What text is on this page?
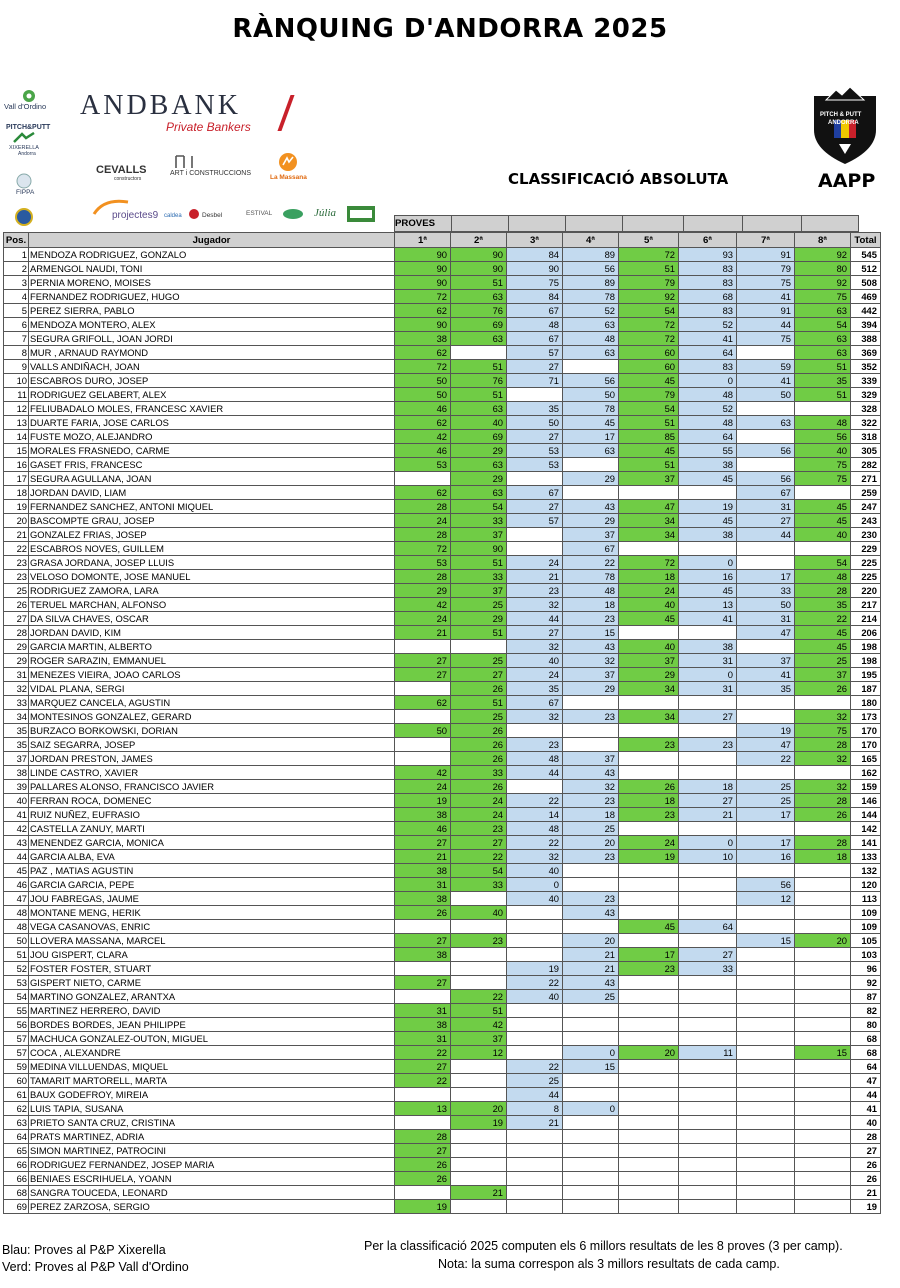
RÀNQUING D'ANDORRA 2025
Vall d'Ordino
PITCH&PUTT
XIXERELLA
Andorra
FIPPA
ANDBANK
Private Bankers
CEVALLS
constructors
ART i CONSTRUCCIONS
La Massana
projectes9 caldea	Desbel	ESTIVAL	Júlia
PITCH & PUTT
ANDORRA
AAPP
CLASSIFICACIÓ ABSOLUTA
PROVES							
Pos.	Jugador	1ª	2ª	3ª	4ª	5ª	6ª	7ª	8ª	Total
1	MENDOZA RODRIGUEZ, GONZALO	90	90	84	89	72	93	91	92	545
2	ARMENGOL NAUDI, TONI	90	90	90	56	51	83	79	80	512
3	PERNIA MORENO, MOISES	90	51	75	89	79	83	75	92	508
4	FERNANDEZ RODRIGUEZ, HUGO	72	63	84	78	92	68	41	75	469
5	PEREZ SIERRA, PABLO	62	76	67	52	54	83	91	63	442
6	MENDOZA MONTERO, ALEX	90	69	48	63	72	52	44	54	394
7	SEGURA GRIFOLL, JOAN JORDI	38	63	67	48	72	41	75	63	388
8	MUR , ARNAUD RAYMOND	62		57	63	60	64		63	369
9	VALLS ANDIÑACH, JOAN	72	51	27		60	83	59	51	352
10	ESCABROS DURO, JOSEP	50	76	71	56	45	0	41	35	339
11	RODRIGUEZ GELABERT, ALEX	50	51		50	79	48	50	51	329
12	FELIUBADALO MOLES, FRANCESC XAVIER	46	63	35	78	54	52			328
13	DUARTE FARIA, JOSE CARLOS	62	40	50	45	51	48	63	48	322
14	FUSTE MOZO, ALEJANDRO	42	69	27	17	85	64		56	318
15	MORALES FRASNEDO, CARME	46	29	53	63	45	55	56	40	305
16	GASET FRIS, FRANCESC	53	63	53		51	38		75	282
17	SEGURA AGULLANA, JOAN		29		29	37	45	56	75	271
18	JORDAN DAVID, LIAM	62	63	67				67		259
19	FERNANDEZ SANCHEZ, ANTONI MIQUEL	28	54	27	43	47	19	31	45	247
20	BASCOMPTE GRAU, JOSEP	24	33	57	29	34	45	27	45	243
21	GONZALEZ FRIAS, JOSEP	28	37		37	34	38	44	40	230
22	ESCABROS NOVES, GUILLEM	72	90		67					229
23	GRASA JORDANA, JOSEP LLUIS	53	51	24	22	72	0		54	225
23	VELOSO DOMONTE, JOSE MANUEL	28	33	21	78	18	16	17	48	225
25	RODRIGUEZ ZAMORA, LARA	29	37	23	48	24	45	33	28	220
26	TERUEL MARCHAN, ALFONSO	42	25	32	18	40	13	50	35	217
27	DA SILVA CHAVES, OSCAR	24	29	44	23	45	41	31	22	214
28	JORDAN DAVID, KIM	21	51	27	15			47	45	206
29	GARCIA MARTIN, ALBERTO			32	43	40	38		45	198
29	ROGER SARAZIN, EMMANUEL	27	25	40	32	37	31	37	25	198
31	MENEZES VIEIRA, JOAO CARLOS	27	27	24	37	29	0	41	37	195
32	VIDAL PLANA, SERGI		26	35	29	34	31	35	26	187
33	MARQUEZ CANCELA, AGUSTIN	62	51	67						180
34	MONTESINOS GONZALEZ, GERARD		25	32	23	34	27		32	173
35	BURZACO BORKOWSKI, DORIAN	50	26					19	75	170
35	SAIZ SEGARRA, JOSEP		26	23		23	23	47	28	170
37	JORDAN PRESTON, JAMES		26	48	37			22	32	165
38	LINDE CASTRO, XAVIER	42	33	44	43					162
39	PALLARES ALONSO, FRANCISCO JAVIER	24	26		32	26	18	25	32	159
40	FERRAN ROCA, DOMENEC	19	24	22	23	18	27	25	28	146
41	RUIZ NUÑEZ, EUFRASIO	38	24	14	18	23	21	17	26	144
42	CASTELLA ZANUY, MARTI	46	23	48	25					142
43	MENENDEZ GARCIA, MONICA	27	27	22	20	24	0	17	28	141
44	GARCIA ALBA, EVA	21	22	32	23	19	10	16	18	133
45	PAZ , MATIAS AGUSTIN	38	54	40						132
46	GARCIA GARCIA, PEPE	31	33	0				56		120
47	JOU FABREGAS, JAUME	38		40	23			12		113
48	MONTANE MENG, HERIK	26	40		43					109
48	VEGA CASANOVAS, ENRIC					45	64			109
50	LLOVERA MASSANA, MARCEL	27	23		20			15	20	105
51	JOU GISPERT, CLARA	38			21	17	27			103
52	FOSTER FOSTER, STUART			19	21	23	33			96
53	GISPERT NIETO, CARME	27		22	43					92
54	MARTINO GONZALEZ, ARANTXA		22	40	25					87
55	MARTINEZ HERRERO, DAVID	31	51							82
56	BORDES BORDES, JEAN PHILIPPE	38	42							80
57	MACHUCA GONZALEZ-OUTON, MIGUEL	31	37							68
57	COCA , ALEXANDRE	22	12		0	20	11		15	68
59	MEDINA VILLUENDAS, MIQUEL	27		22	15					64
60	TAMARIT MARTORELL, MARTA	22		25						47
61	BAUX GODEFROY, MIREIA			44						44
62	LUIS TAPIA, SUSANA	13	20	8	0					41
63	PRIETO SANTA CRUZ, CRISTINA		19	21						40
64	PRATS MARTINEZ, ADRIA	28								28
65	SIMON MARTINEZ, PATROCINI	27								27
66	RODRIGUEZ FERNANDEZ, JOSEP MARIA	26								26
66	BENIAES ESCRIHUELA, YOANN	26								26
68	SANGRA TOUCEDA, LEONARD		21							21
69	PEREZ ZARZOSA, SERGIO	19								19
Blau: Proves al P&P Xixerella
Verd: Proves al P&P Vall d'Ordino
Per la classificació 2025 computen els 6 millors resultats de les 8 proves (3 per camp).
Nota: la suma correspon als 3 millors resultats de cada camp.
